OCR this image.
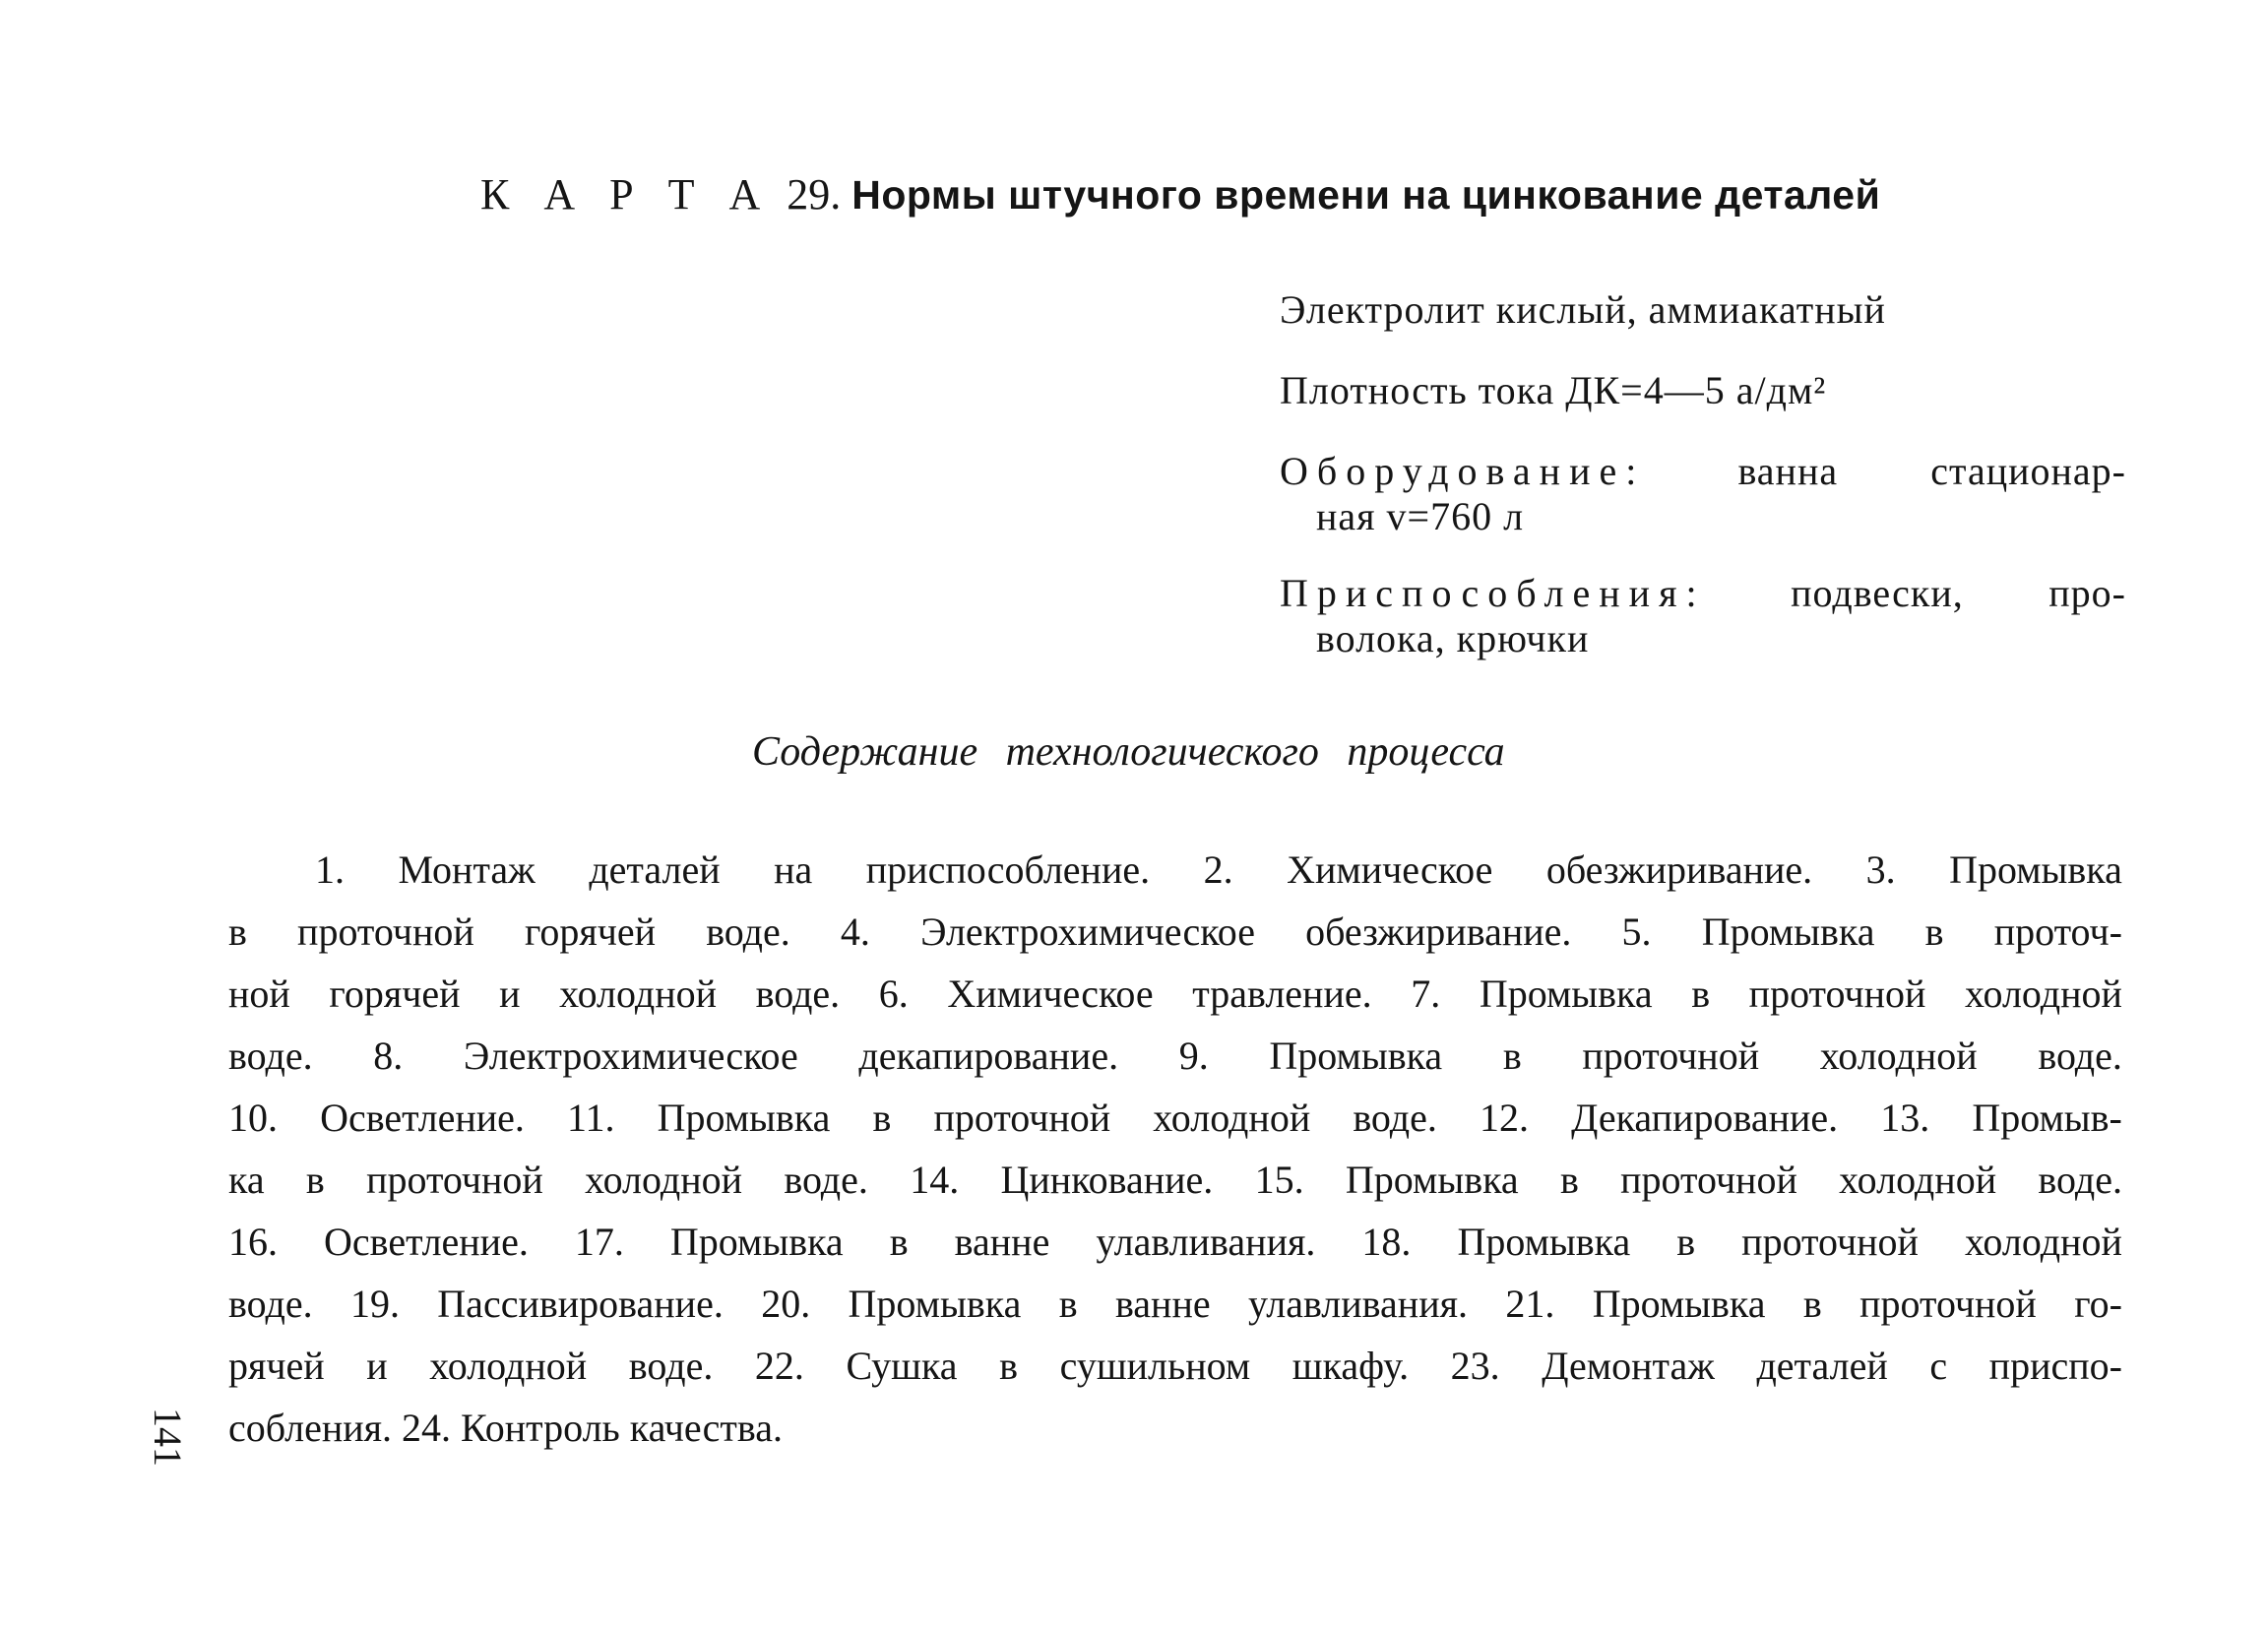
К А Р Т А 29. Нормы штучного времени на цинкование деталей
Электролит кислый, аммиакатный
Плотность тока ДК=4—5 а/дм²
Оборудование: ванна стационар-
ная v=760 л
Приспособления: подвески, про-
волока, крючки
Содержание технологического процесса
1. Монтаж деталей на приспособление. 2. Химическое обезжиривание. 3. Промывка
в проточной горячей воде. 4. Электрохимическое обезжиривание. 5. Промывка в проточ-
ной горячей и холодной воде. 6. Химическое травление. 7. Промывка в проточной холодной
воде. 8. Электрохимическое декапирование. 9. Промывка в проточной холодной воде.
10. Осветление. 11. Промывка в проточной холодной воде. 12. Декапирование. 13. Промыв-
ка в проточной холодной воде. 14. Цинкование. 15. Промывка в проточной холодной воде.
16. Осветление. 17. Промывка в ванне улавливания. 18. Промывка в проточной холодной
воде. 19. Пассивирование. 20. Промывка в ванне улавливания. 21. Промывка в проточной го-
рячей и холодной воде. 22. Сушка в сушильном шкафу. 23. Демонтаж деталей с приспо-
собления. 24. Контроль качества.
141
